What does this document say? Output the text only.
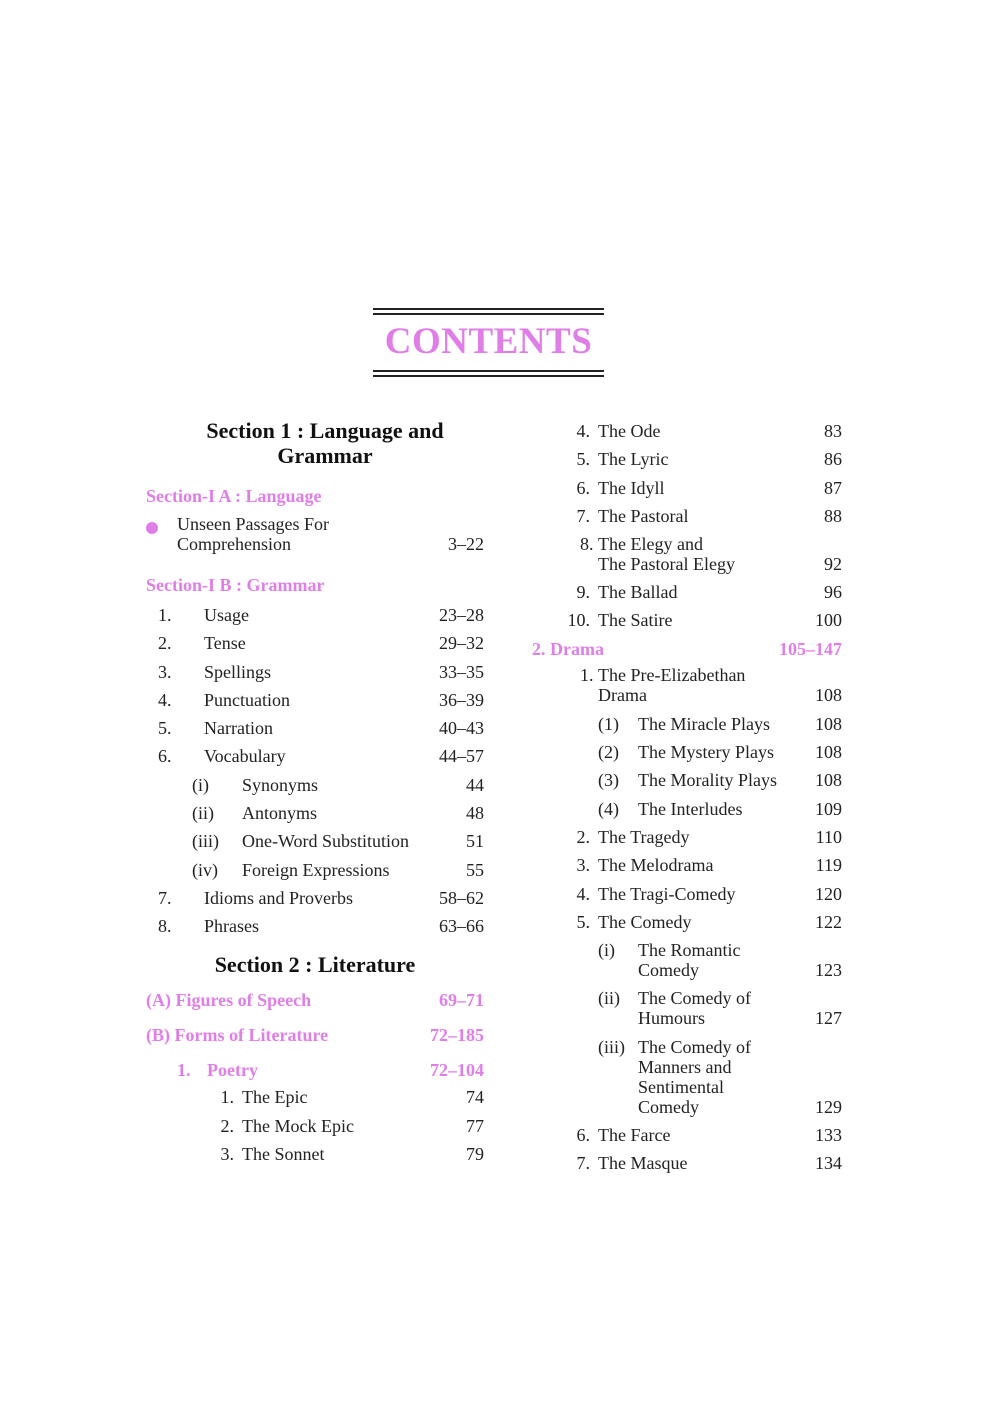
CONTENTS
Section 1 : Language and
Grammar
Section-I A : Language
Unseen Passages For
Comprehension	3–22
Section-I B : Grammar
1.	Usage	23–28
2.	Tense	29–32
3.	Spellings	33–35
4.	Punctuation	36–39
5.	Narration	40–43
6.	Vocabulary	44–57
(i)	Synonyms	44
(ii)	Antonyms	48
(iii)	One-Word Substitution	51
(iv)	Foreign Expressions	55
7.	Idioms and Proverbs	58–62
8.	Phrases	63–66
Section 2 : Literature
(A) Figures of Speech	69–71
(B) Forms of Literature	72–185
1. Poetry	72–104
1. The Epic	74
2. The Mock Epic	77
3. The Sonnet	79
4. The Ode	83
5. The Lyric	86
6. The Idyll	87
7. The Pastoral	88
8. The Elegy and
The Pastoral Elegy	92
9. The Ballad	96
10. The Satire	100
2. Drama	105–147
1. The Pre-Elizabethan
Drama	108
(1)	The Miracle Plays	108
(2)	The Mystery Plays	108
(3)	The Morality Plays	108
(4)	The Interludes	109
2. The Tragedy	110
3. The Melodrama	119
4. The Tragi-Comedy	120
5. The Comedy	122
(i)	The Romantic
Comedy	123
(ii)	The Comedy of
Humours	127
(iii) The Comedy of
Manners and
Sentimental
Comedy	129
6. The Farce	133
7. The Masque	134
